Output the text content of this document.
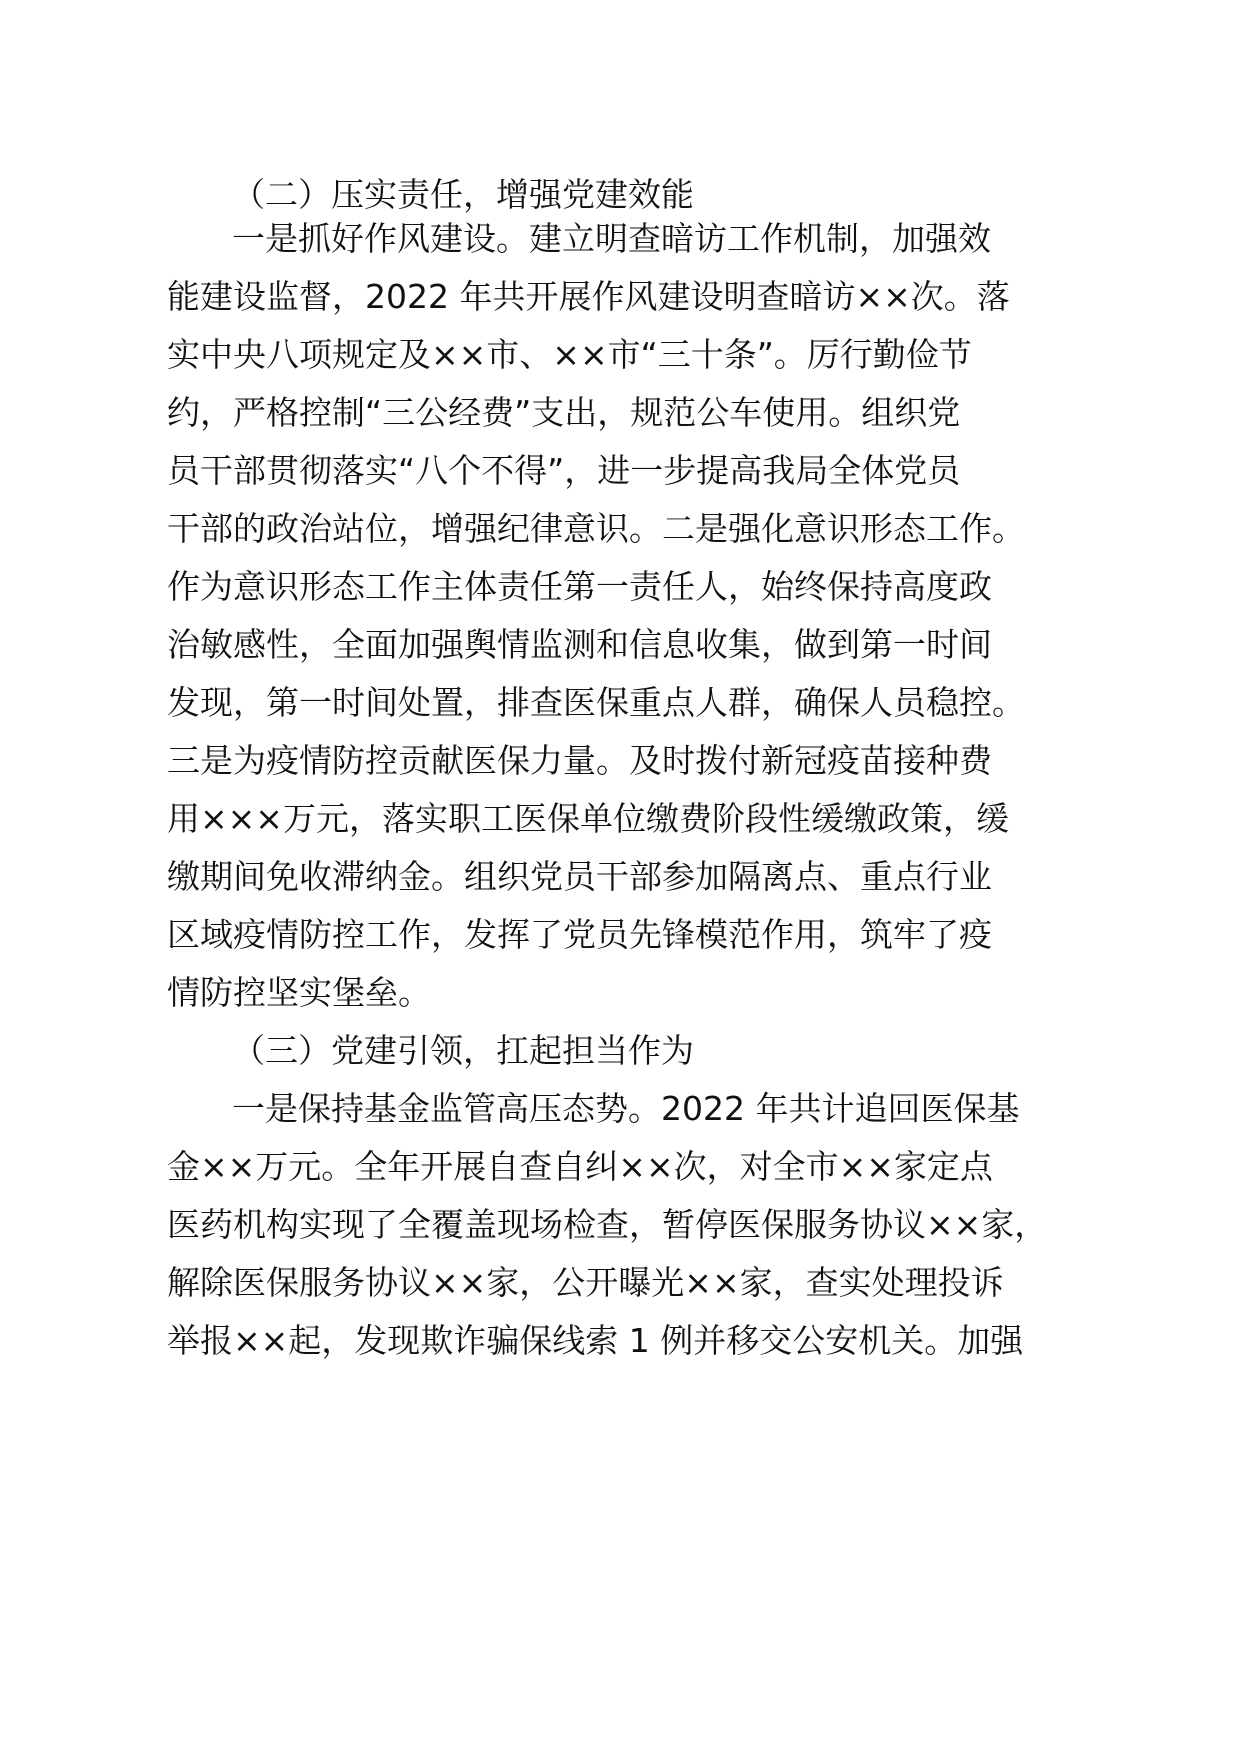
（二）压实责任，增强党建效能
一是抓好作风建设。建立明查暗访工作机制，加强效
能建设监督，2022 年共开展作风建设明查暗访××次。落
实中央八项规定及××市、××市“三十条”。厉行勤俭节
约，严格控制“三公经费”支出，规范公车使用。组织党
员干部贯彻落实“八个不得”，进一步提高我局全体党员
干部的政治站位，增强纪律意识。二是强化意识形态工作。
作为意识形态工作主体责任第一责任人，始终保持高度政
治敏感性，全面加强舆情监测和信息收集，做到第一时间
发现，第一时间处置，排查医保重点人群，确保人员稳控。
三是为疫情防控贡献医保力量。及时拨付新冠疫苗接种费
用×××万元，落实职工医保单位缴费阶段性缓缴政策，缓
缴期间免收滞纳金。组织党员干部参加隔离点、重点行业
区域疫情防控工作，发挥了党员先锋模范作用，筑牢了疫
情防控坚实堡垒。
（三）党建引领，扛起担当作为
一是保持基金监管高压态势。2022 年共计追回医保基
金××万元。全年开展自查自纠××次，对全市××家定点
医药机构实现了全覆盖现场检查，暂停医保服务协议××家，
解除医保服务协议××家，公开曝光××家，查实处理投诉
举报××起，发现欺诈骗保线索 1 例并移交公安机关。加强
